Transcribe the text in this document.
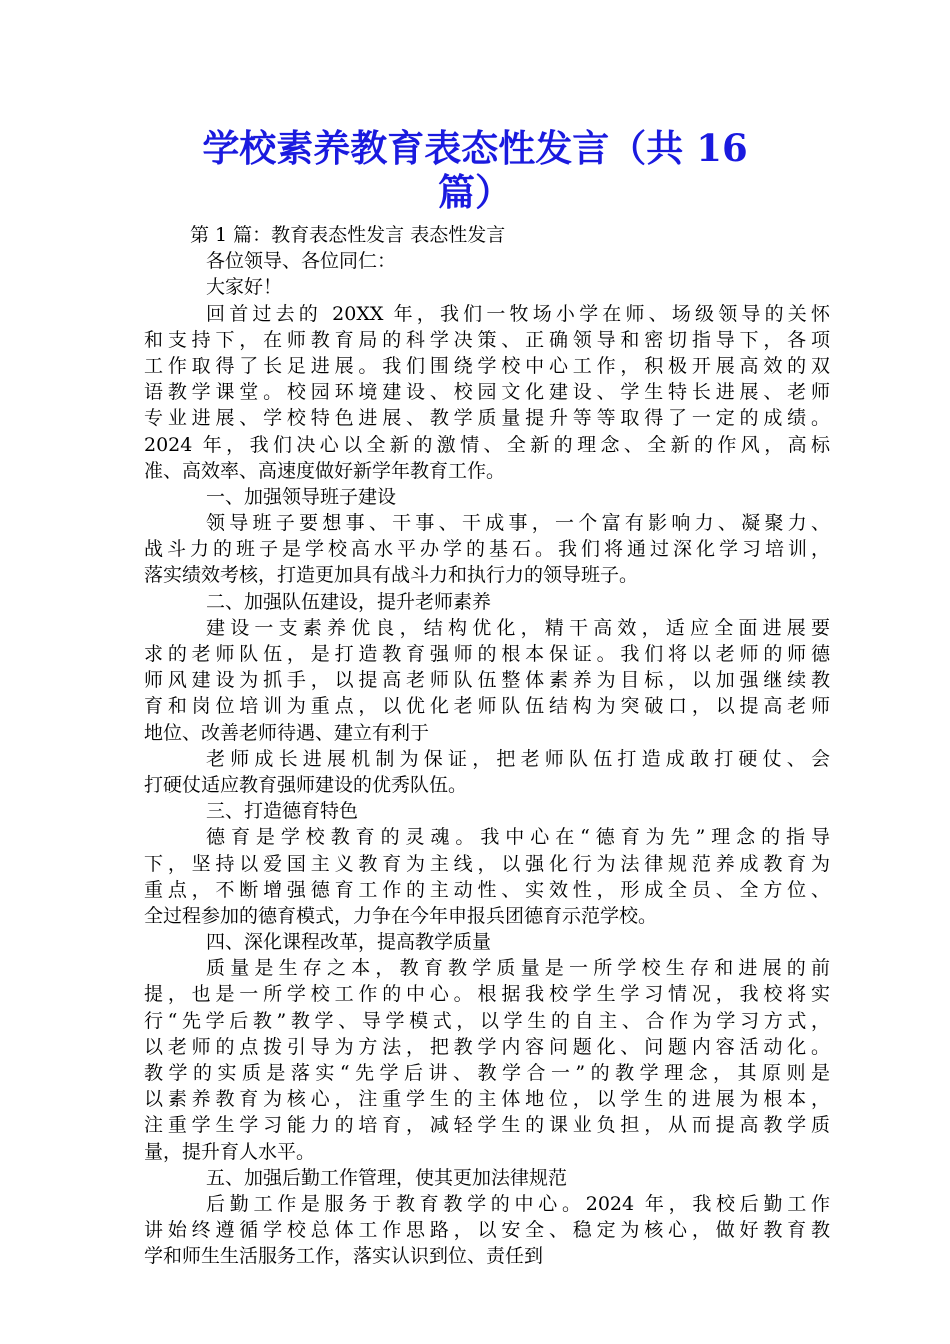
学校素养教育表态性发言（共 16
篇）
第 1 篇：教育表态性发言 表态性发言
各位领导、各位同仁：
大家好！
回首过去的 20XX 年，我们一牧场小学在师、场级领导的关怀
和支持下，在师教育局的科学决策、正确领导和密切指导下，各项
工作取得了长足进展。我们围绕学校中心工作，积极开展高效的双
语教学课堂。校园环境建设、校园文化建设、学生特长进展、老师
专业进展、学校特色进展、教学质量提升等等取得了一定的成绩。
2024 年，我们决心以全新的激情、全新的理念、全新的作风，高标
准、高效率、高速度做好新学年教育工作。
一、加强领导班子建设
领导班子要想事、干事、干成事，一个富有影响力、凝聚力、
战斗力的班子是学校高水平办学的基石。我们将通过深化学习培训，
落实绩效考核，打造更加具有战斗力和执行力的领导班子。
二、加强队伍建设，提升老师素养
建设一支素养优良，结构优化，精干高效，适应全面进展要
求的老师队伍，是打造教育强师的根本保证。我们将以老师的师德
师风建设为抓手，以提高老师队伍整体素养为目标，以加强继续教
育和岗位培训为重点，以优化老师队伍结构为突破口，以提高老师
地位、改善老师待遇、建立有利于
老师成长进展机制为保证，把老师队伍打造成敢打硬仗、会
打硬仗适应教育强师建设的优秀队伍。
三、打造德育特色
德育是学校教育的灵魂。我中心在“德育为先”理念的指导
下，坚持以爱国主义教育为主线，以强化行为法律规范养成教育为
重点，不断增强德育工作的主动性、实效性，形成全员、全方位、
全过程参加的德育模式，力争在今年申报兵团德育示范学校。
四、深化课程改革，提高教学质量
质量是生存之本，教育教学质量是一所学校生存和进展的前
提，也是一所学校工作的中心。根据我校学生学习情况，我校将实
行“先学后教”教学、导学模式，以学生的自主、合作为学习方式，
以老师的点拨引导为方法，把教学内容问题化、问题内容活动化。
教学的实质是落实“先学后讲、教学合一”的教学理念，其原则是
以素养教育为核心，注重学生的主体地位，以学生的进展为根本，
注重学生学习能力的培育，减轻学生的课业负担，从而提高教学质
量，提升育人水平。
五、加强后勤工作管理，使其更加法律规范
后勤工作是服务于教育教学的中心。2024 年，我校后勤工作
讲始终遵循学校总体工作思路，以安全、稳定为核心，做好教育教
学和师生生活服务工作，落实认识到位、责任到
